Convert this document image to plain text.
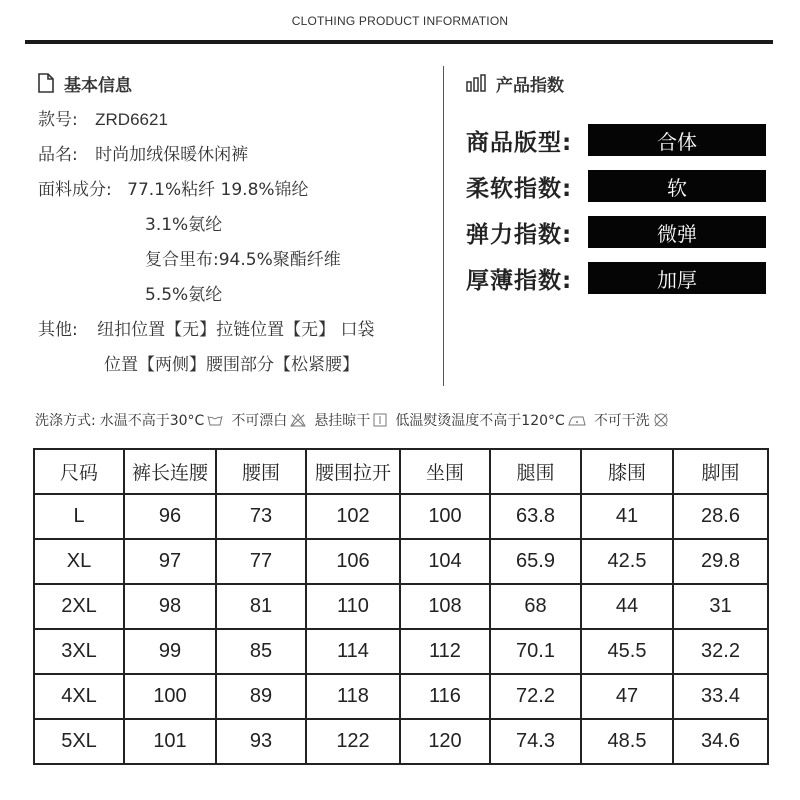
CLOTHING PRODUCT INFORMATION
基本信息
款号: ZRD6621
品名: 时尚加绒保暖休闲裤
面料成分: 77.1%粘纤 19.8%锦纶
3.1%氨纶
复合里布:94.5%聚酯纤维
5.5%氨纶
其他: 纽扣位置【无】拉链位置【无】 口袋
位置【两侧】腰围部分【松紧腰】
产品指数
商品版型:	合体
柔软指数:	软
弹力指数:	微弹
厚薄指数:	加厚
洗涤方式: 水温不高于30°C 不可漂白 悬挂晾干 低温熨烫温度不高于120°C 不可干洗
尺码	裤长连腰	腰围	腰围拉开	坐围	腿围	膝围	脚围
L	96	73	102	100	63.8	41	28.6
XL	97	77	106	104	65.9	42.5	29.8
2XL	98	81	110	108	68	44	31
3XL	99	85	114	112	70.1	45.5	32.2
4XL	100	89	118	116	72.2	47	33.4
5XL	101	93	122	120	74.3	48.5	34.6
